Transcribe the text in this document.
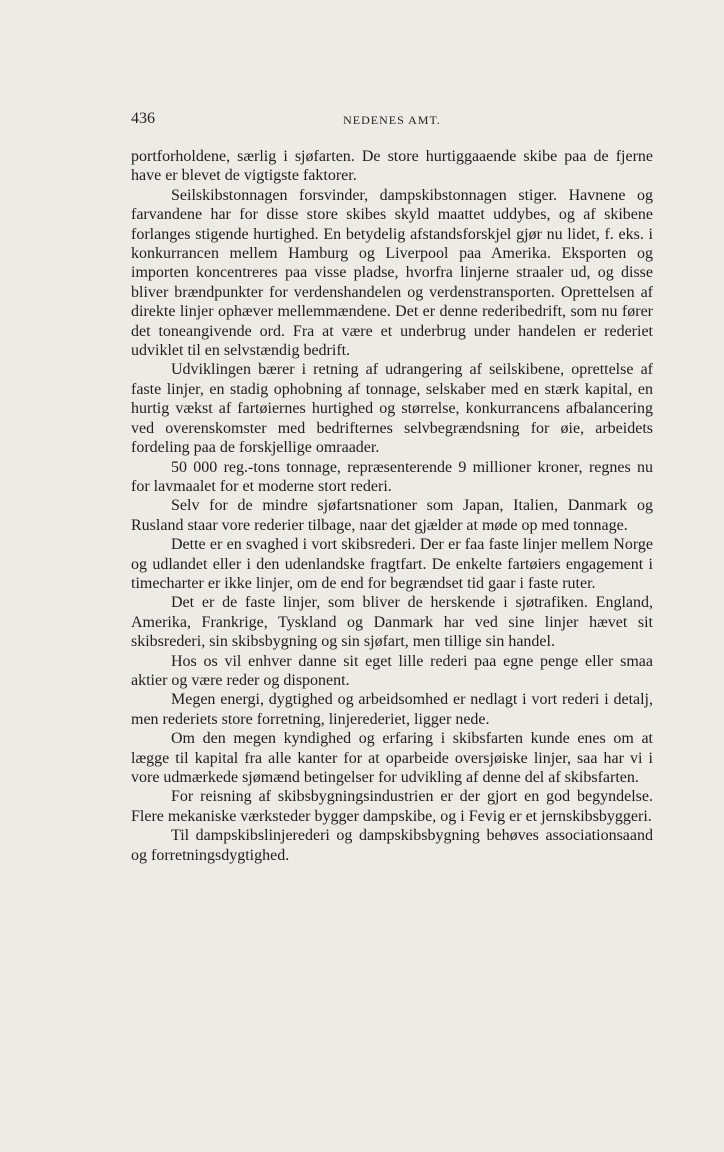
436	NEDENES AMT.

portforholdene, særlig i sjøfarten. De store hurtiggaaende skibe paa de fjerne have er blevet de vigtigste faktorer.

Seilskibstonnagen forsvinder, dampskibstonnagen stiger. Havnene og farvandene har for disse store skibes skyld maattet uddybes, og af skibene forlanges stigende hurtighed. En betydelig afstandsforskjel gjør nu lidet, f. eks. i konkurrancen mellem Hamburg og Liverpool paa Amerika. Eksporten og importen koncentreres paa visse pladse, hvorfra linjerne straaler ud, og disse bliver brændpunkter for verdenshandelen og verdenstransporten. Oprettelsen af direkte linjer ophæver mellemmændene. Det er denne rederibedrift, som nu fører det toneangivende ord. Fra at være et underbrug under handelen er rederiet udviklet til en selvstændig bedrift.

Udviklingen bærer i retning af udrangering af seilskibene, oprettelse af faste linjer, en stadig ophobning af tonnage, selskaber med en stærk kapital, en hurtig vækst af fartøiernes hurtighed og størrelse, konkurrancens afbalancering ved overenskomster med bedrifternes selvbegrændsning for øie, arbeidets fordeling paa de forskjellige omraader.

50 000 reg.-tons tonnage, repræsenterende 9 millioner kroner, regnes nu for lavmaalet for et moderne stort rederi.

Selv for de mindre sjøfartsnationer som Japan, Italien, Danmark og Rusland staar vore rederier tilbage, naar det gjælder at møde op med tonnage.

Dette er en svaghed i vort skibsrederi. Der er faa faste linjer mellem Norge og udlandet eller i den udenlandske fragtfart. De enkelte fartøiers engagement i timecharter er ikke linjer, om de end for begrændset tid gaar i faste ruter.

Det er de faste linjer, som bliver de herskende i sjøtrafiken. England, Amerika, Frankrige, Tyskland og Danmark har ved sine linjer hævet sit skibsrederi, sin skibsbygning og sin sjøfart, men tillige sin handel.

Hos os vil enhver danne sit eget lille rederi paa egne penge eller smaa aktier og være reder og disponent.

Megen energi, dygtighed og arbeidsomhed er nedlagt i vort rederi i detalj, men rederiets store forretning, linjerederiet, ligger nede.

Om den megen kyndighed og erfaring i skibsfarten kunde enes om at lægge til kapital fra alle kanter for at oparbeide oversjøiske linjer, saa har vi i vore udmærkede sjømænd betingelser for udvikling af denne del af skibsfarten.

For reisning af skibsbygningsindustrien er der gjort en god begyndelse. Flere mekaniske værksteder bygger dampskibe, og i Fevig er et jernskibsbyggeri.

Til dampskibslinjerederi og dampskibsbygning behøves associationsaand og forretningsdygtighed.
